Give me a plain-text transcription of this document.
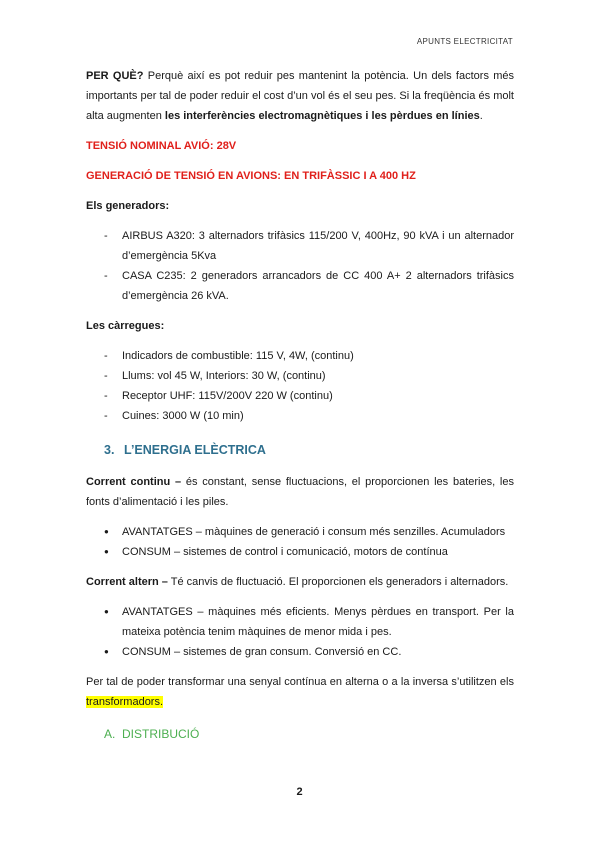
APUNTS ELECTRICITAT

PER QUÈ? Perquè així es pot reduir pes mantenint la potència. Un dels factors més importants per tal de poder reduir el cost d’un vol és el seu pes. Si la freqüència és molt alta augmenten les interferències electromagnètiques i les pèrdues en línies.

TENSIÓ NOMINAL AVIÓ: 28V

GENERACIÓ DE TENSIÓ EN AVIONS: EN TRIFÀSSIC I A 400 HZ

Els generadors:

- AIRBUS A320: 3 alternadors trifàsics 115/200 V, 400Hz, 90 kVA i un alternador d’emergència 5Kva
- CASA C235: 2 generadors arrancadors de CC 400 A+ 2 alternadors trifàsics d’emergència 26 kVA.

Les càrregues:

- Indicadors de combustible: 115 V, 4W, (continu)
- Llums: vol 45 W, Interiors: 30 W, (continu)
- Receptor UHF: 115V/200V 220 W (continu)
- Cuines: 3000 W (10 min)
3. L’ENERGIA ELÈCTRICA

Corrent continu – és constant, sense fluctuacions, el proporcionen les bateries, les fonts d’alimentació i les piles.

● AVANTATGES – màquines de generació i consum més senzilles. Acumuladors
● CONSUM – sistemes de control i comunicació, motors de contínua

Corrent altern – Té canvis de fluctuació. El proporcionen els generadors i alternadors.

● AVANTATGES – màquines més eficients. Menys pèrdues en transport. Per la mateixa potència tenim màquines de menor mida i pes.
● CONSUM – sistemes de gran consum. Conversió en CC.

Per tal de poder transformar una senyal contínua en alterna o a la inversa s’utilitzen els transformadors.

A. DISTRIBUCIÓ
2
